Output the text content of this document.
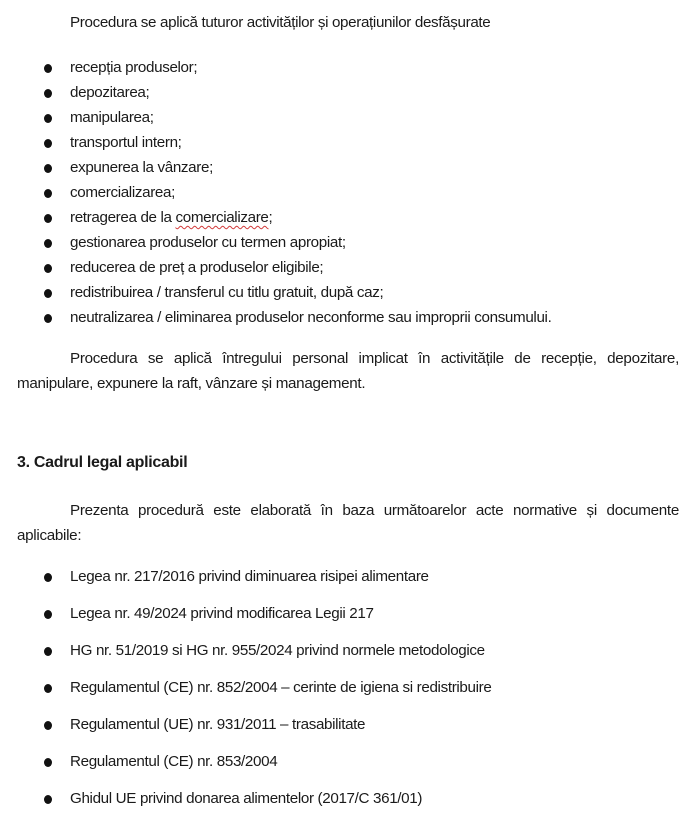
Procedura se aplică tuturor activităților și operațiunilor desfășurate
recepția produselor;
depozitarea;
manipularea;
transportul intern;
expunerea la vânzare;
comercializarea;
retragerea de la comercializare;
gestionarea produselor cu termen apropiat;
reducerea de preț a produselor eligibile;
redistribuirea / transferul cu titlu gratuit, după caz;
neutralizarea / eliminarea produselor neconforme sau improprii consumului.

Procedura se aplică întregului personal implicat în activitățile de recepție, depozitare, manipulare, expunere la raft, vânzare și management.

3. Cadrul legal aplicabil

Prezenta procedură este elaborată în baza următoarelor acte normative și documente aplicabile:

Legea nr. 217/2016 privind diminuarea risipei alimentare
Legea nr. 49/2024 privind modificarea Legii 217
HG nr. 51/2019 si HG nr. 955/2024 privind normele metodologice
Regulamentul (CE) nr. 852/2004 – cerinte de igiena si redistribuire
Regulamentul (UE) nr. 931/2011 – trasabilitate
Regulamentul (CE) nr. 853/2004
Ghidul UE privind donarea alimentelor (2017/C 361/01)
